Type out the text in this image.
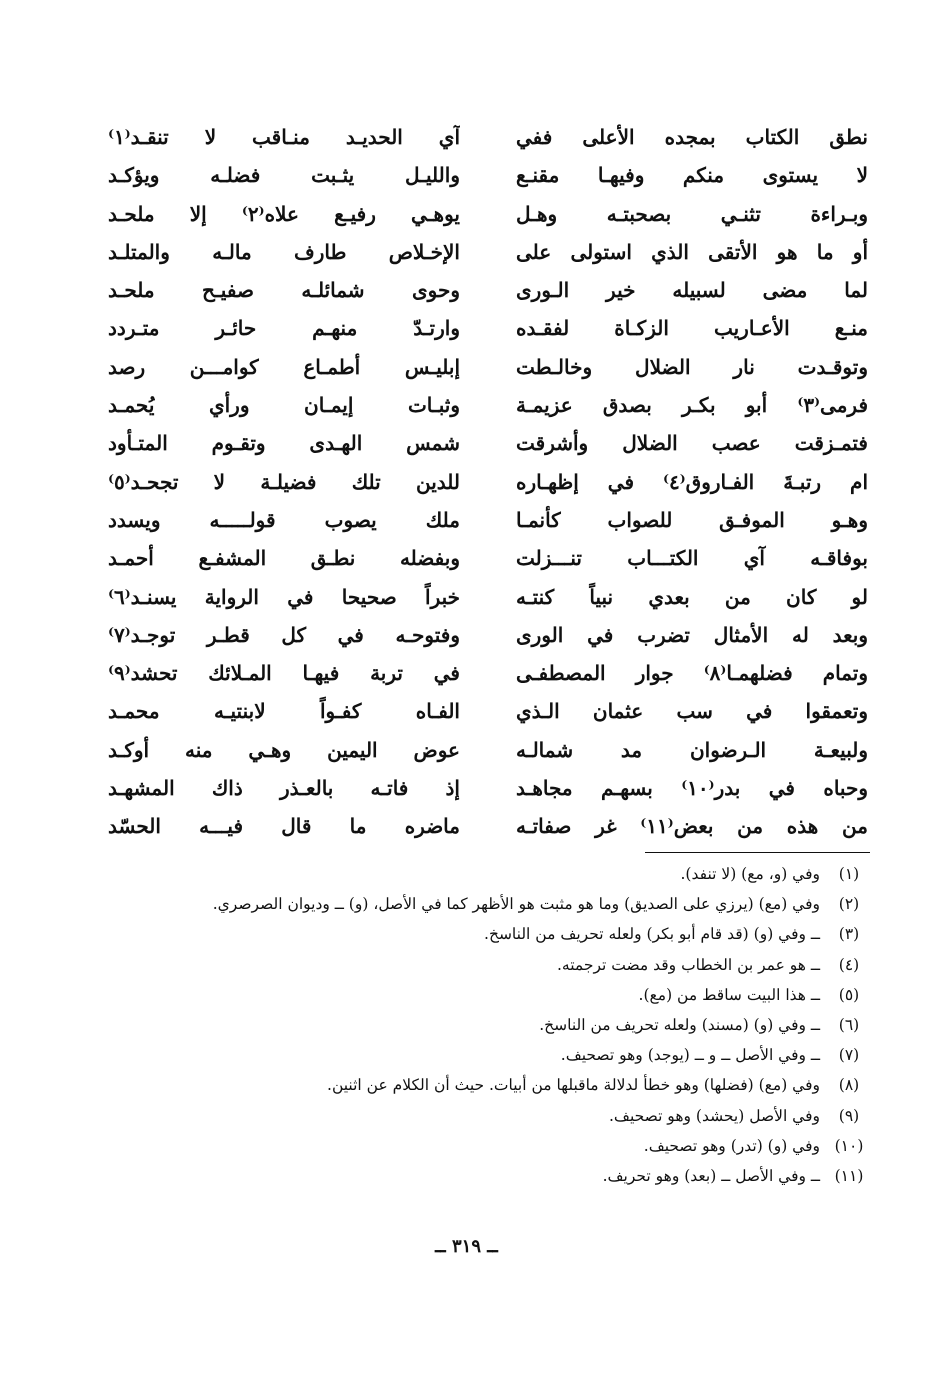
نطق الكتاب بمجده الأعلى ففي
لا يستوى منكم وفيهـا مقنـع
وبـراءة تثنـي بصحبتـه وهـل
أو ما هو الأتقى الذي استولى على
لما مضى لسبيله خير الـورى
منـع الأعـاريب الزكـاة لفقـده
وتوقـدت نار الضلال وخالـطت
فرمى⁽٣⁾ أبو بكـر بصدق عزيمـة
فتمـزقت عصب الضلال وأشرقت
ام رتبـةَ الفـاروق⁽٤⁾ في إظهـاره
وهـو الموفـق للصواب كأنمـا
بوفاقـه آي الكتـــاب تنـــزلت
لو كان من بعدي نبياً كنتـه
وبعد له الأمثال تضرب في الورى
وتمام فضلهمـا⁽٨⁾ جوار المصطفـى
وتعمقوا في سب عثمان الـذي
ولبيعـة الـرضوان مد شمالـه
وحباه في بدر⁽١٠⁾ بسهـم مجاهـد
من هذه من بعض⁽١١⁾ غر صفاتـه
آي الحديـد منـاقب لا تنقـد⁽١⁾
والليـل يثـبت فضلـه ويؤكـد
يوهـي رفيـع علاه⁽٢⁾ إلا ملحـد
الإخـلاص طارف مالـه والمتلـد
وحوى شمائلـه صفيـح ملحـد
وارتـدّ منهـم حائـر متـردد
إبليـس أطمـاع كوامـــن رصد
وثبـات إيمـان ورأي يُحمـد
شمس الهـدى وتقـوم المتـأود
للدين تلك فضيلـة لا تجحـد⁽٥⁾
ملك يصوب قولـــــه ويسدد
وبفضله نطـق المشفـع أحمـد
خبراً صحيحا في الرواية يسنـد⁽٦⁾
وفتوحـه في كل قطـر توجـد⁽٧⁾
في تربة فيهـا المـلائك تحشد⁽٩⁾
الفـاه كفـواً لابنتيـه محمـد
عوض اليمين وهـي منه أوكـد
إذ فاتـه بالعـذر ذاك المشهـد
ماضره ما قال فيـــه الحسّد
(١)
وفي (و، مع) (لا تنفد).
(٢)
وفي (مع) (يرزي على الصديق) وما هو مثبت هو الأظهر كما في الأصل، (و) ــ وديوان الصرصري.
(٣)
ــ وفي (و) (قد قام أبو بكر) ولعله تحريف من الناسخ.
(٤)
ــ هو عمر بن الخطاب وقد مضت ترجمته.
(٥)
ــ هذا البيت ساقط من (مع).
(٦)
ــ وفي (و) (مسند) ولعله تحريف من الناسخ.
(٧)
ــ وفي الأصل ــ و ــ (يوجد) وهو تصحيف.
(٨)
وفي (مع) (فضلها) وهو خطأ لدلالة ماقبلها من أبيات. حيث أن الكلام عن اثنين.
(٩)
وفي الأصل (يحشد) وهو تصحيف.
(١٠)
وفي (و) (تدر) وهو تصحيف.
(١١)
ــ وفي الأصل ــ (بعد) وهو تحريف.
ــ ٣١٩ ــ
